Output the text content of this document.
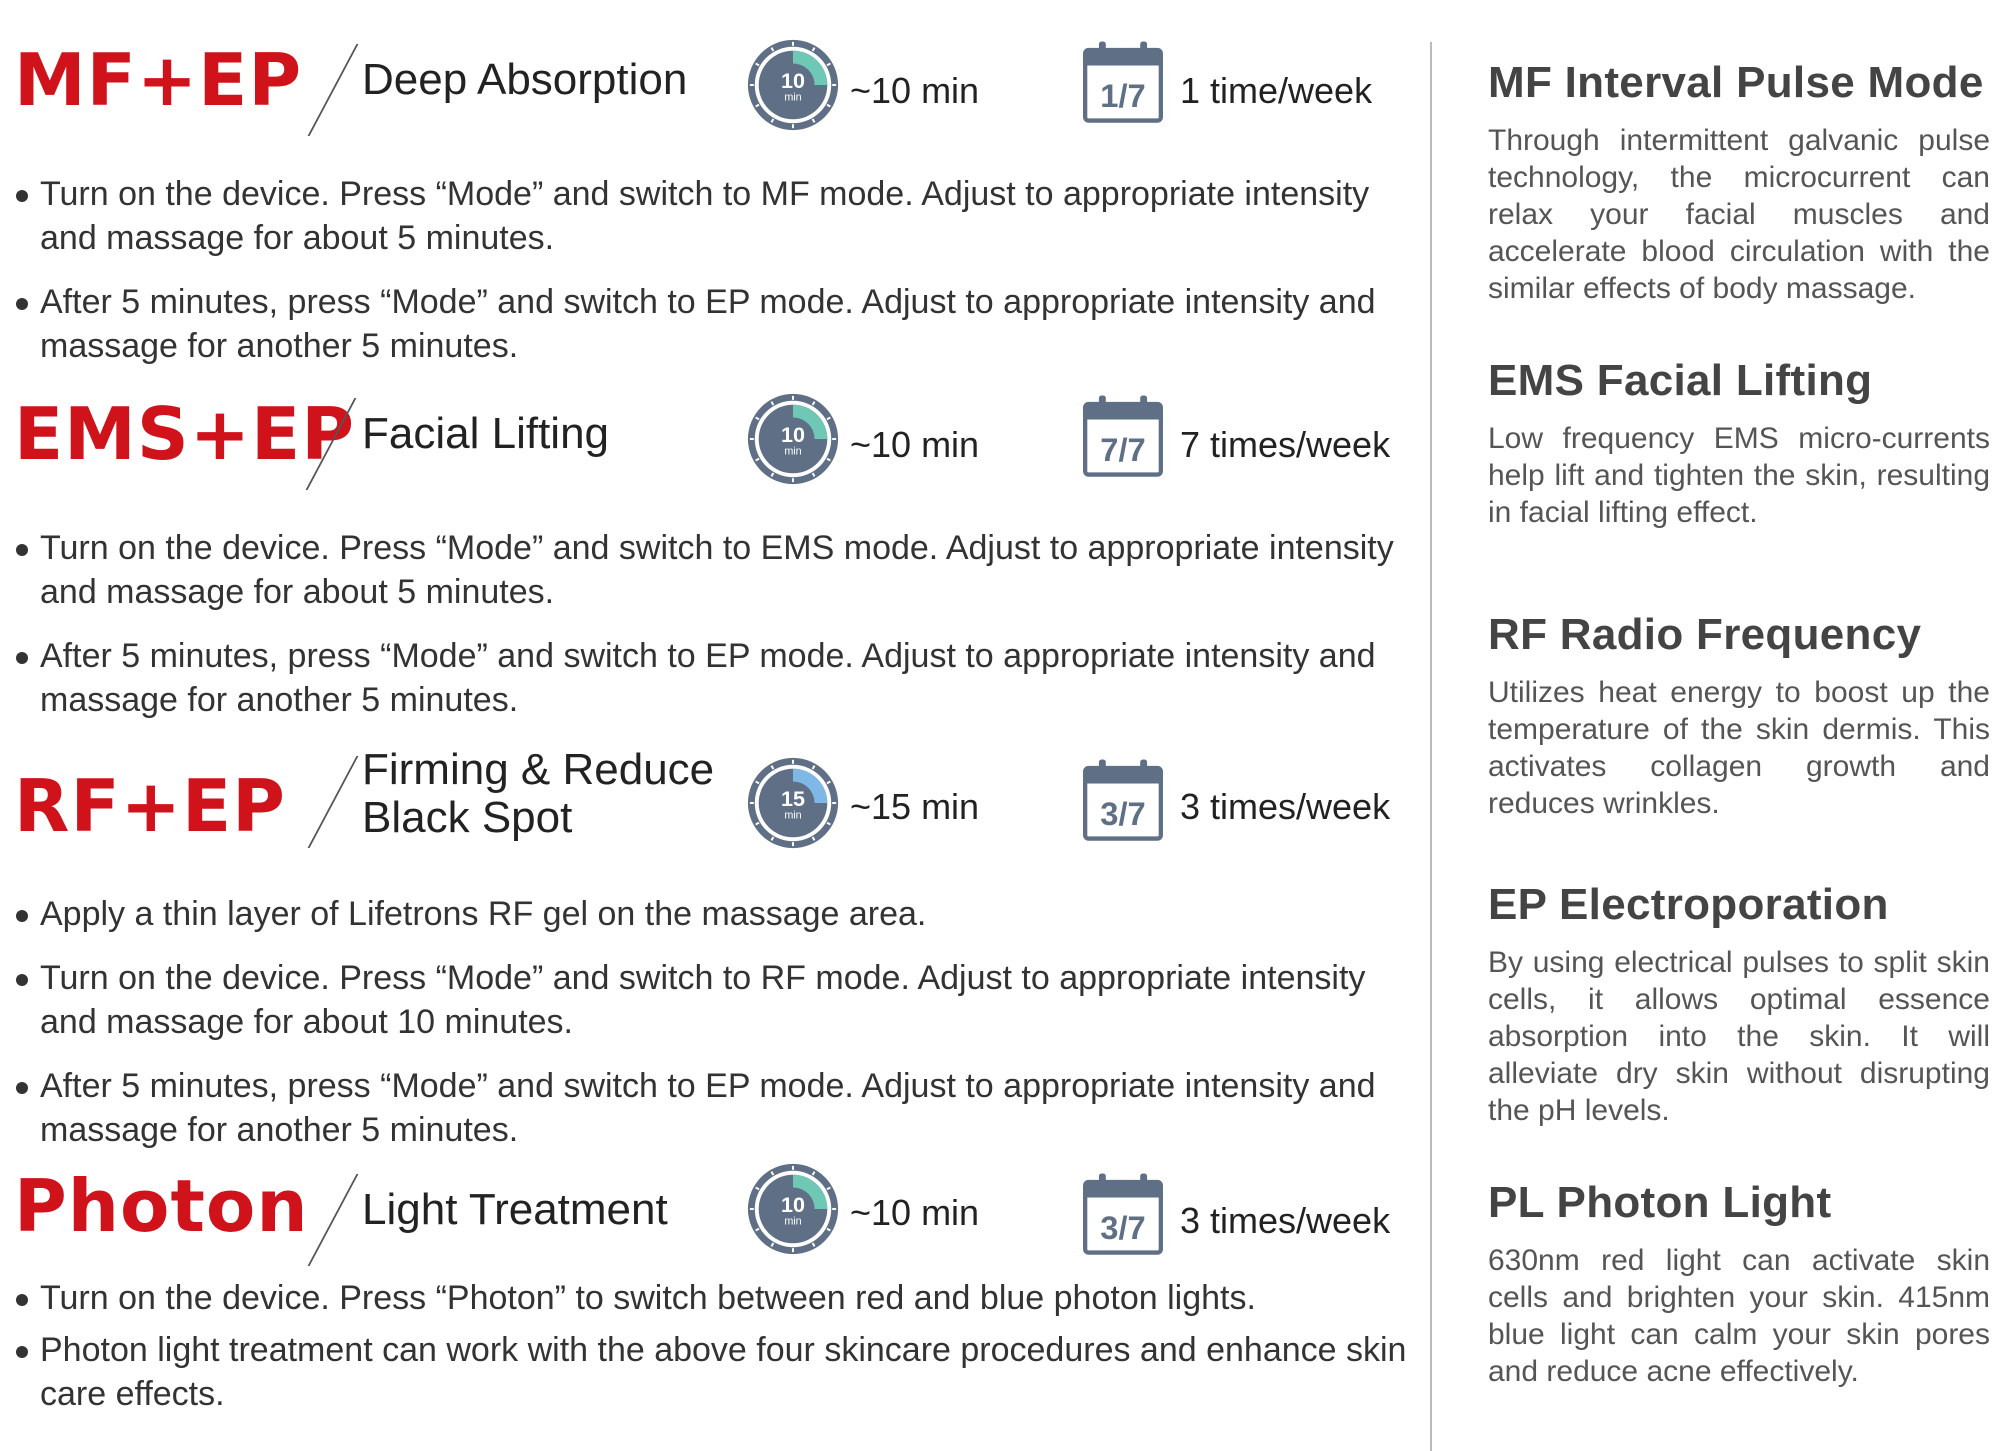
MF+EP Deep Absorption	10
min ~10 min	1/7 1 time/week
Turn on the device. Press “Mode” and switch to MF mode. Adjust to appropriate intensity and massage for about 5 minutes.
After 5 minutes, press “Mode” and switch to EP mode. Adjust to appropriate intensity and massage for another 5 minutes.
EMS+EP Facial Lifting	10
min ~10 min	7/7 7 times/week
Turn on the device. Press “Mode” and switch to EMS mode. Adjust to appropriate intensity and massage for about 5 minutes.
After 5 minutes, press “Mode” and switch to EP mode. Adjust to appropriate intensity and massage for another 5 minutes.
RF+EP Firming & Reduce
Black Spot	15
min ~15 min	3/7 3 times/week
Apply a thin layer of Lifetrons RF gel on the massage area.
Turn on the device. Press “Mode” and switch to RF mode. Adjust to appropriate intensity and massage for about 10 minutes.
After 5 minutes, press “Mode” and switch to EP mode. Adjust to appropriate intensity and massage for another 5 minutes.
Photon Light Treatment	10
min ~10 min	3/7 3 times/week
Turn on the device. Press “Photon” to switch between red and blue photon lights.
Photon light treatment can work with the above four skincare procedures and enhance skin care effects.
MF Interval Pulse Mode

Through intermittent galvanic pulse technology, the microcurrent can relax your facial muscles and accelerate blood circulation with the similar effects of body massage.

EMS Facial Lifting

Low frequency EMS micro-currents help lift and tighten the skin, resulting in facial lifting effect.

RF Radio Frequency

Utilizes heat energy to boost up the temperature of the skin dermis. This activates collagen growth and reduces wrinkles.

EP Electroporation

By using electrical pulses to split skin cells, it allows optimal essence absorption into the skin. It will alleviate dry skin without disrupting the pH levels.

PL Photon Light

630nm red light can activate skin cells and brighten your skin. 415nm blue light can calm your skin pores and reduce acne effectively.
